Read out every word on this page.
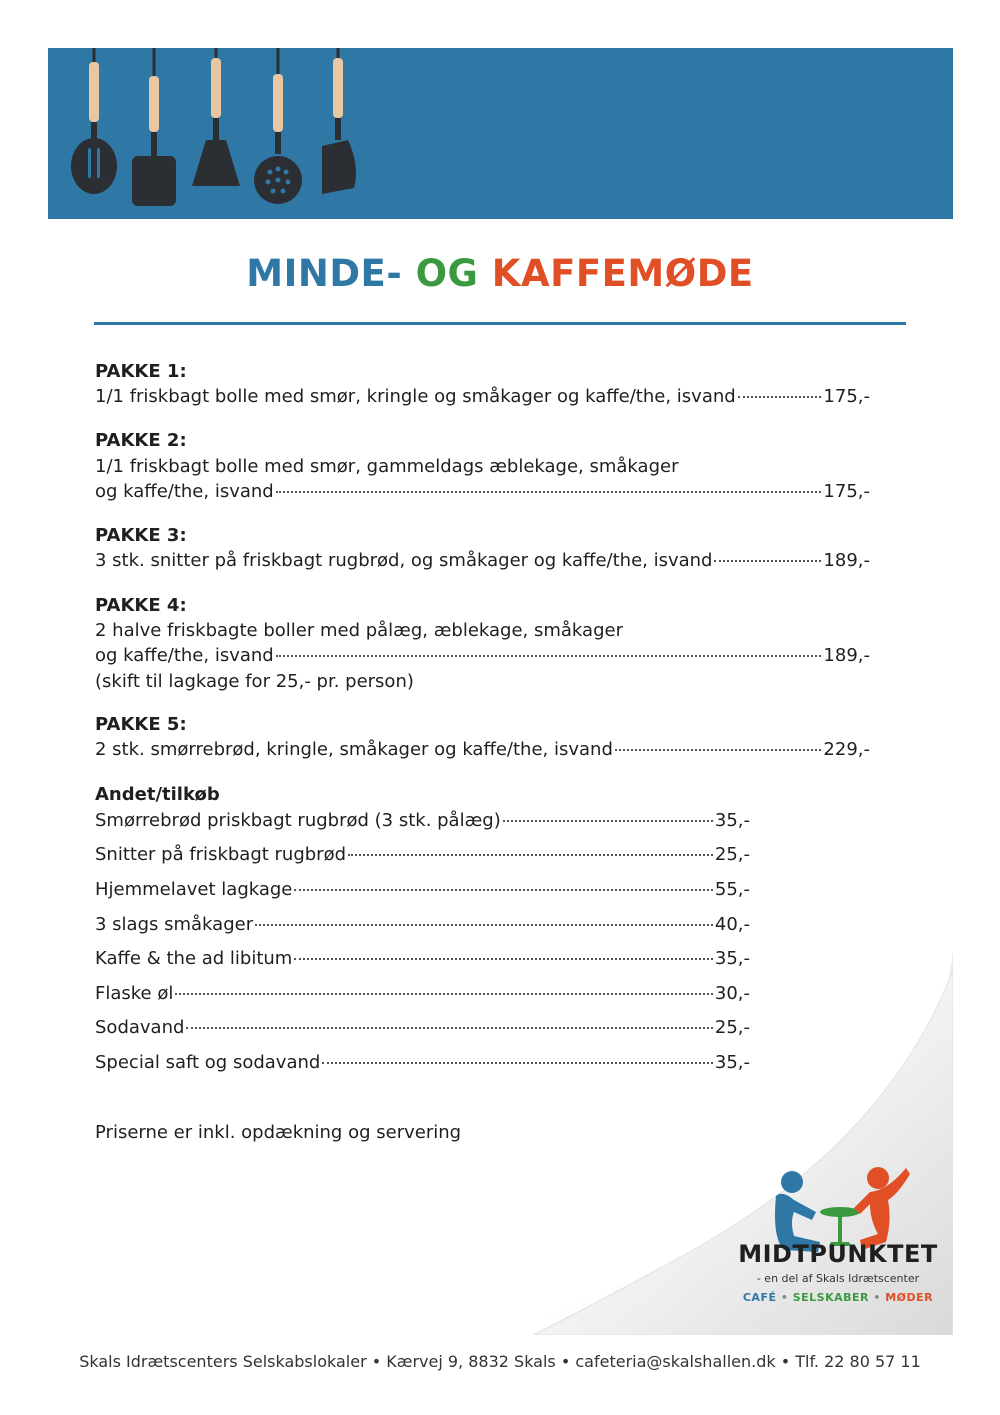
MINDE- OG KAFFEMØDE
PAKKE 1:
1/1 friskbagt bolle med smør, kringle og småkager og kaffe/the, isvand	175,-
PAKKE 2:
1/1 friskbagt bolle med smør, gammeldags æblekage, småkager
og kaffe/the, isvand	175,-
PAKKE 3:
3 stk. snitter på friskbagt rugbrød, og småkager og kaffe/the, isvand	189,-
PAKKE 4:
2 halve friskbagte boller med pålæg, æblekage, småkager
og kaffe/the, isvand	189,-
(skift til lagkage for 25,- pr. person)
PAKKE 5:
2 stk. smørrebrød, kringle, småkager og kaffe/the, isvand	229,-
Andet/tilkøb
Smørrebrød priskbagt rugbrød (3 stk. pålæg)	35,-
Snitter på friskbagt rugbrød	25,-
Hjemmelavet lagkage	55,-
3 slags småkager	40,-
Kaffe & the ad libitum	35,-
Flaske øl	30,-
Sodavand	25,-
Special saft og sodavand	35,-
Priserne er inkl. opdækning og servering
MIDTPUNKTET
- en del af Skals Idrætscenter
CAFÉ • SELSKABER • MØDER
Skals Idrætscenters Selskabslokaler • Kærvej 9, 8832 Skals • cafeteria@skalshallen.dk • Tlf. 22 80 57 11
